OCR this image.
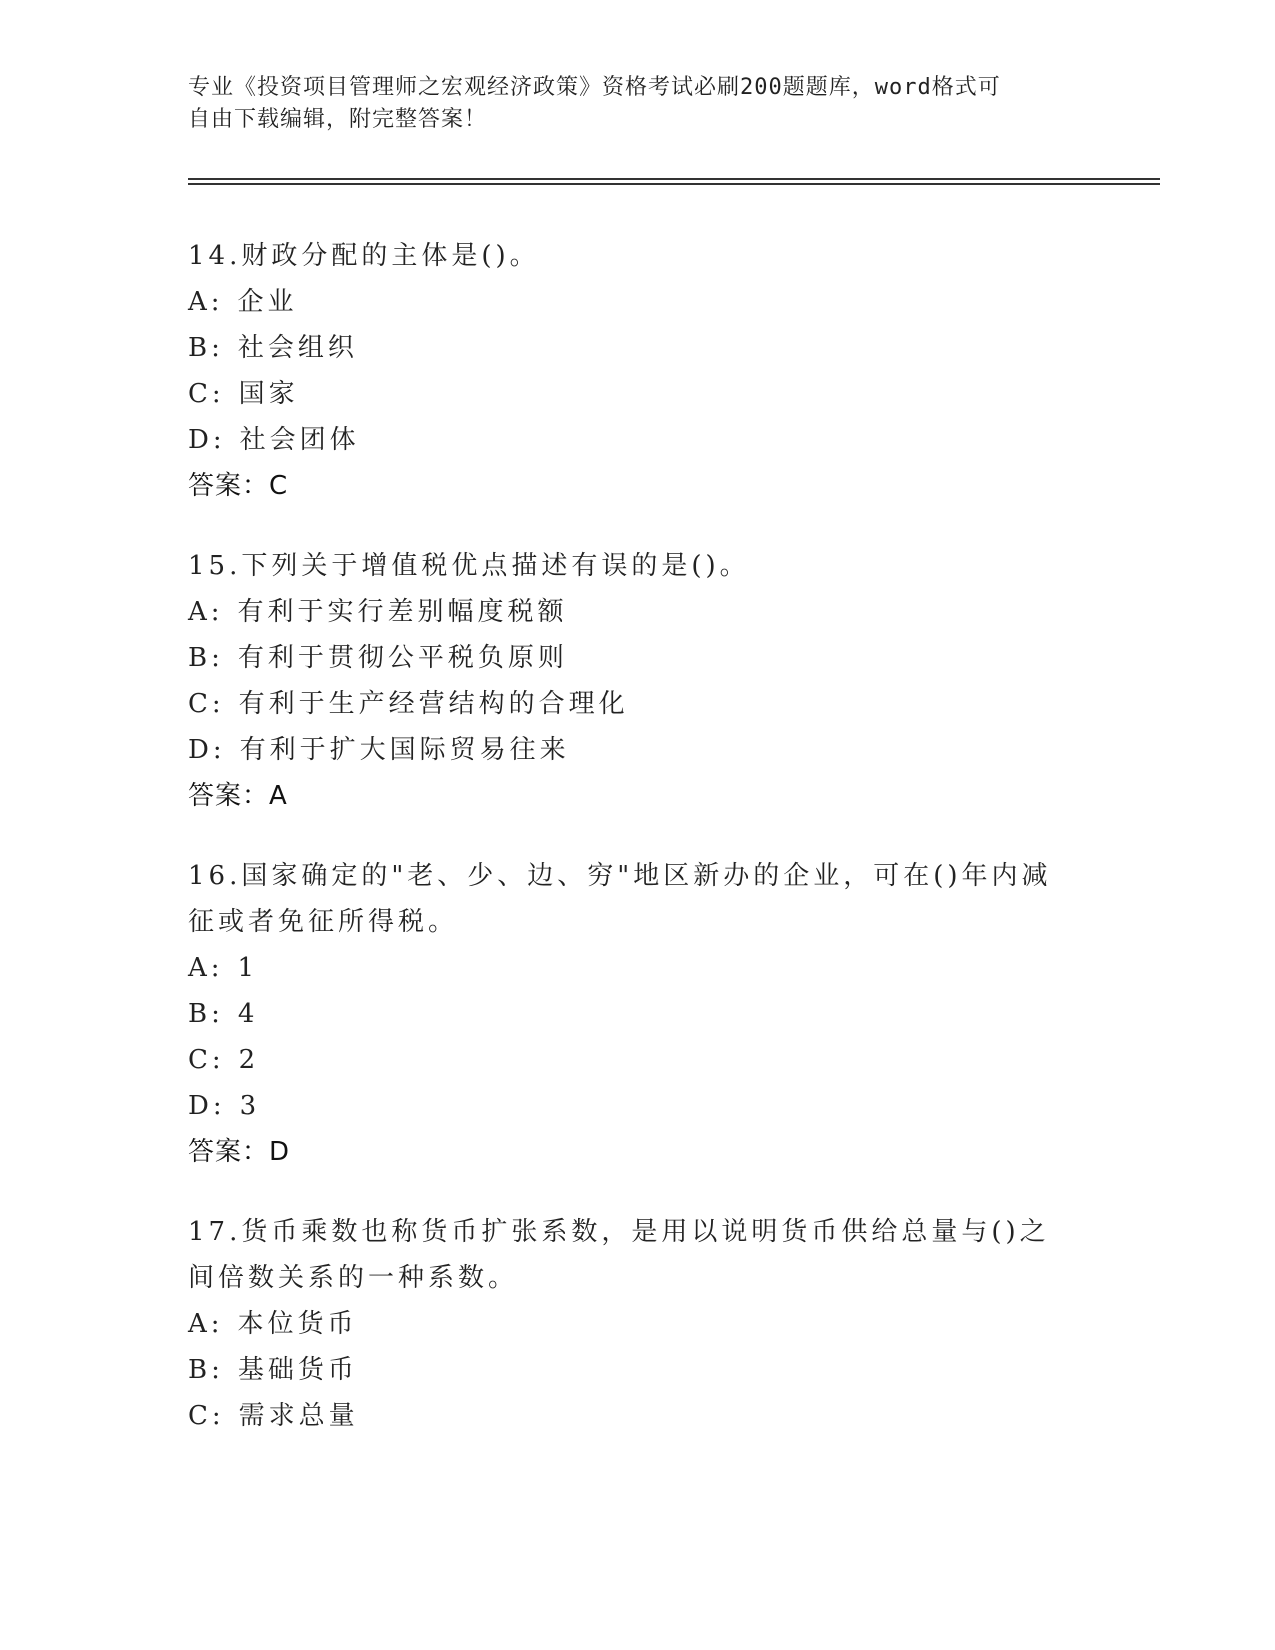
专业《投资项目管理师之宏观经济政策》资格考试必刷200题题库，word格式可
自由下载编辑，附完整答案！
14.财政分配的主体是()。
A: 企业
B: 社会组织
C: 国家
D: 社会团体
答案：C
15.下列关于增值税优点描述有误的是()。
A: 有利于实行差别幅度税额
B: 有利于贯彻公平税负原则
C: 有利于生产经营结构的合理化
D: 有利于扩大国际贸易往来
答案：A
16.国家确定的"老、少、边、穷"地区新办的企业，可在()年内减征或者免征所得税。
A: 1
B: 4
C: 2
D: 3
答案：D
17.货币乘数也称货币扩张系数，是用以说明货币供给总量与()之间倍数关系的一种系数。
A: 本位货币
B: 基础货币
C: 需求总量
